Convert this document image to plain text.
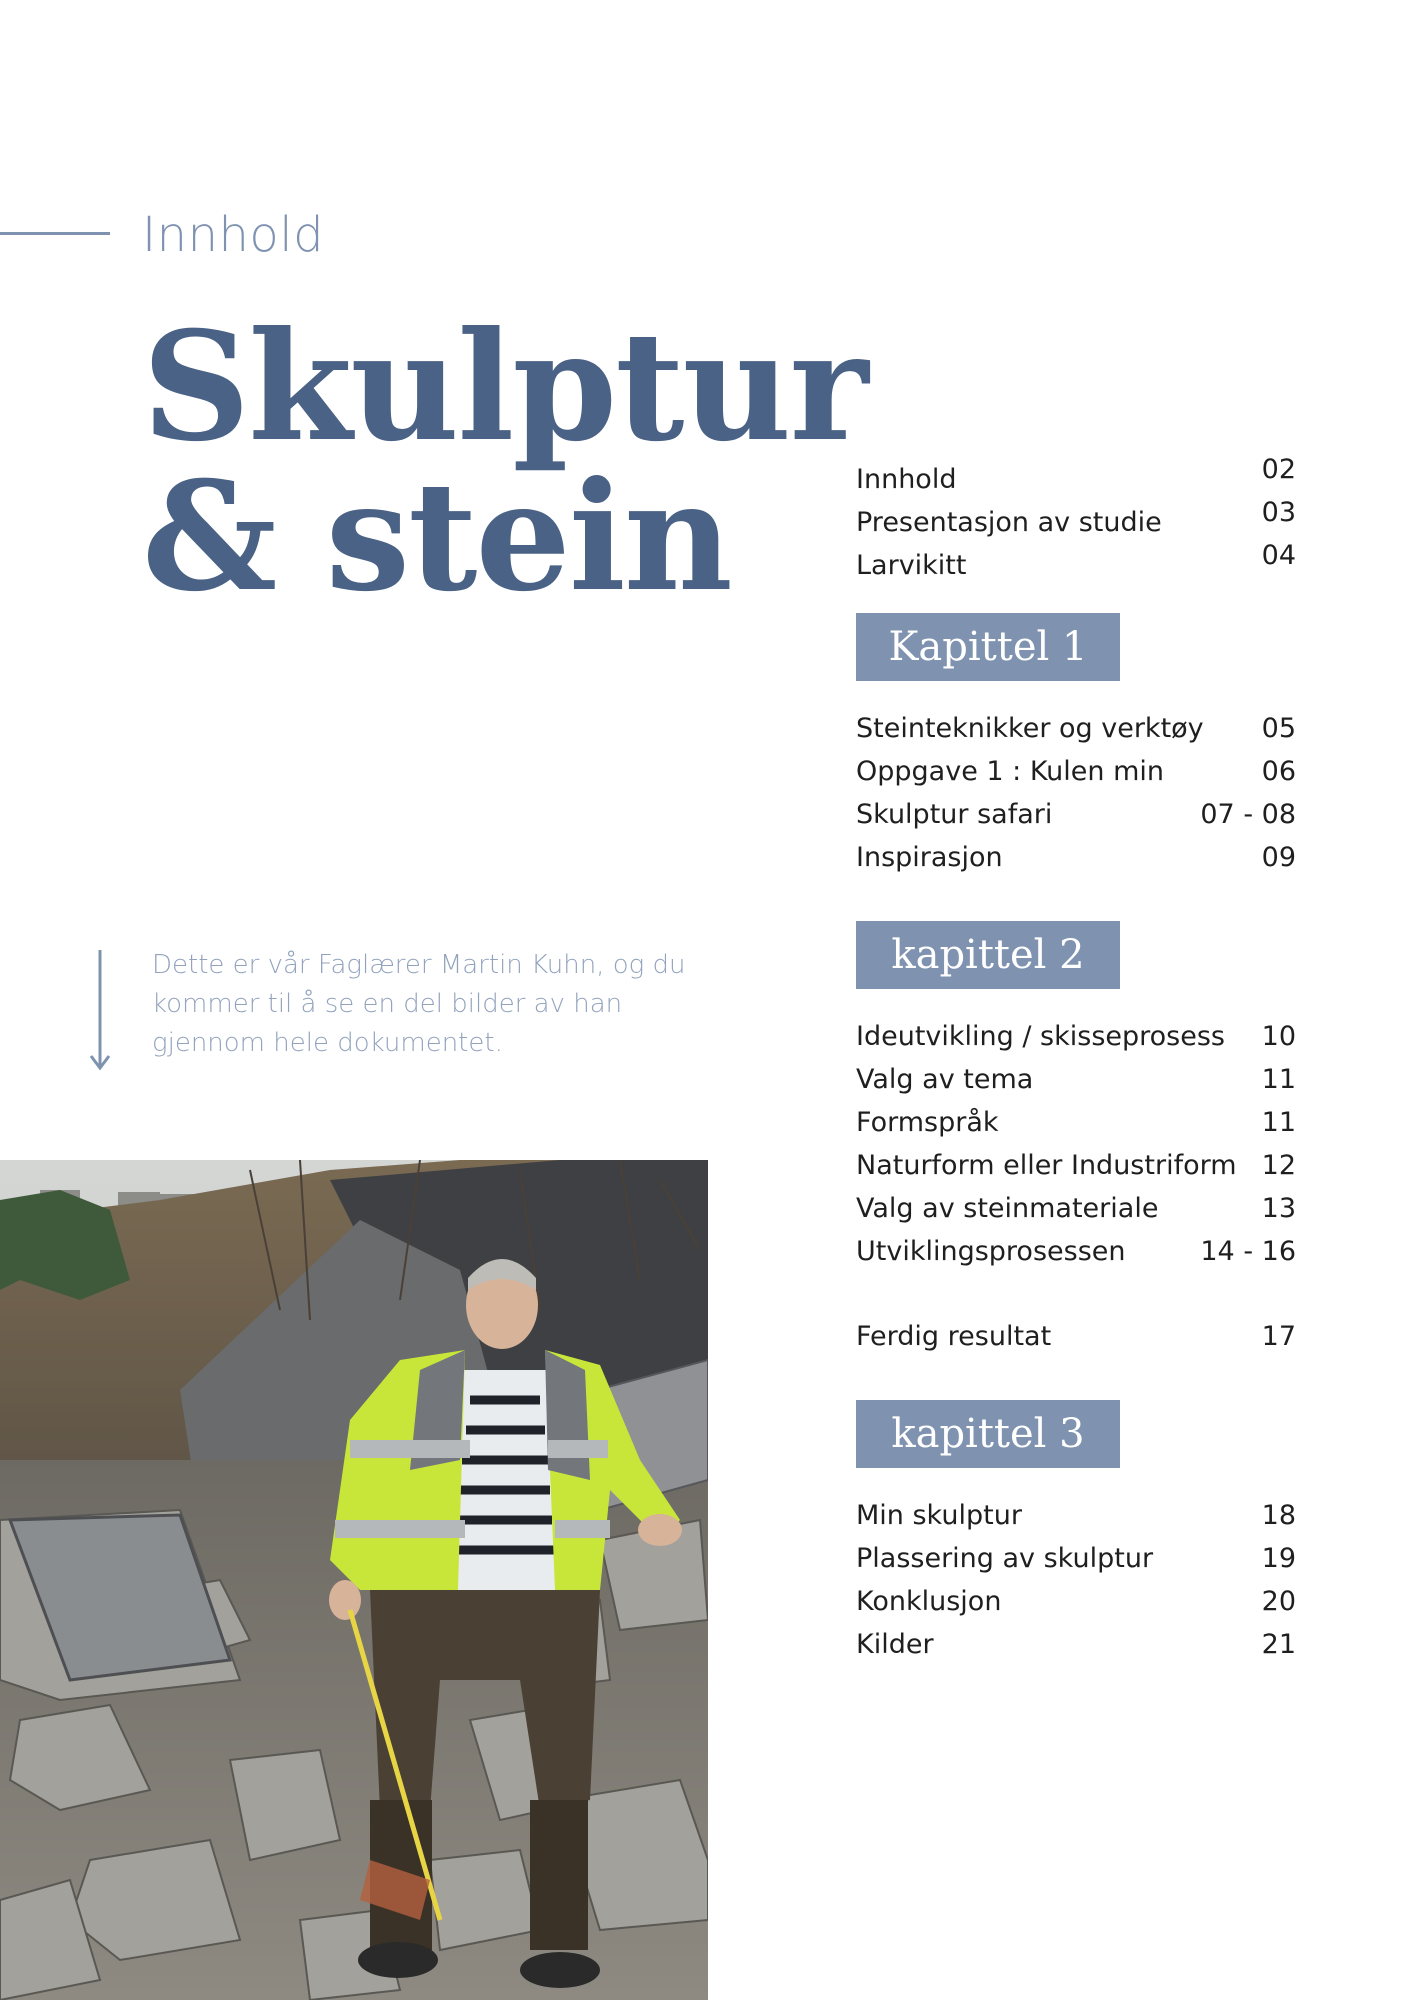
Innhold
Skulptur
& stein

Dette er vår Faglærer Martin Kuhn, og du
kommer til å se en del bilder av han
gjennom hele dokumentet.

Innhold	02
Presentasjon av studie	03
Larvikitt	04
Kapittel 1
Steinteknikker og verktøy 05
Oppgave 1 : Kulen min	06
Skulptur safari	07 - 08
Inspirasjon	09
kapittel 2
Ideutvikling / skisseprosess 10
Valg av tema	11
Formspråk	11
Naturform eller Industriform 12
Valg av steinmateriale	13
Utviklingsprosessen	14 - 16
Ferdig resultat	17
kapittel 3
Min skulptur	18
Plassering av skulptur	19
Konklusjon	20
Kilder	21
